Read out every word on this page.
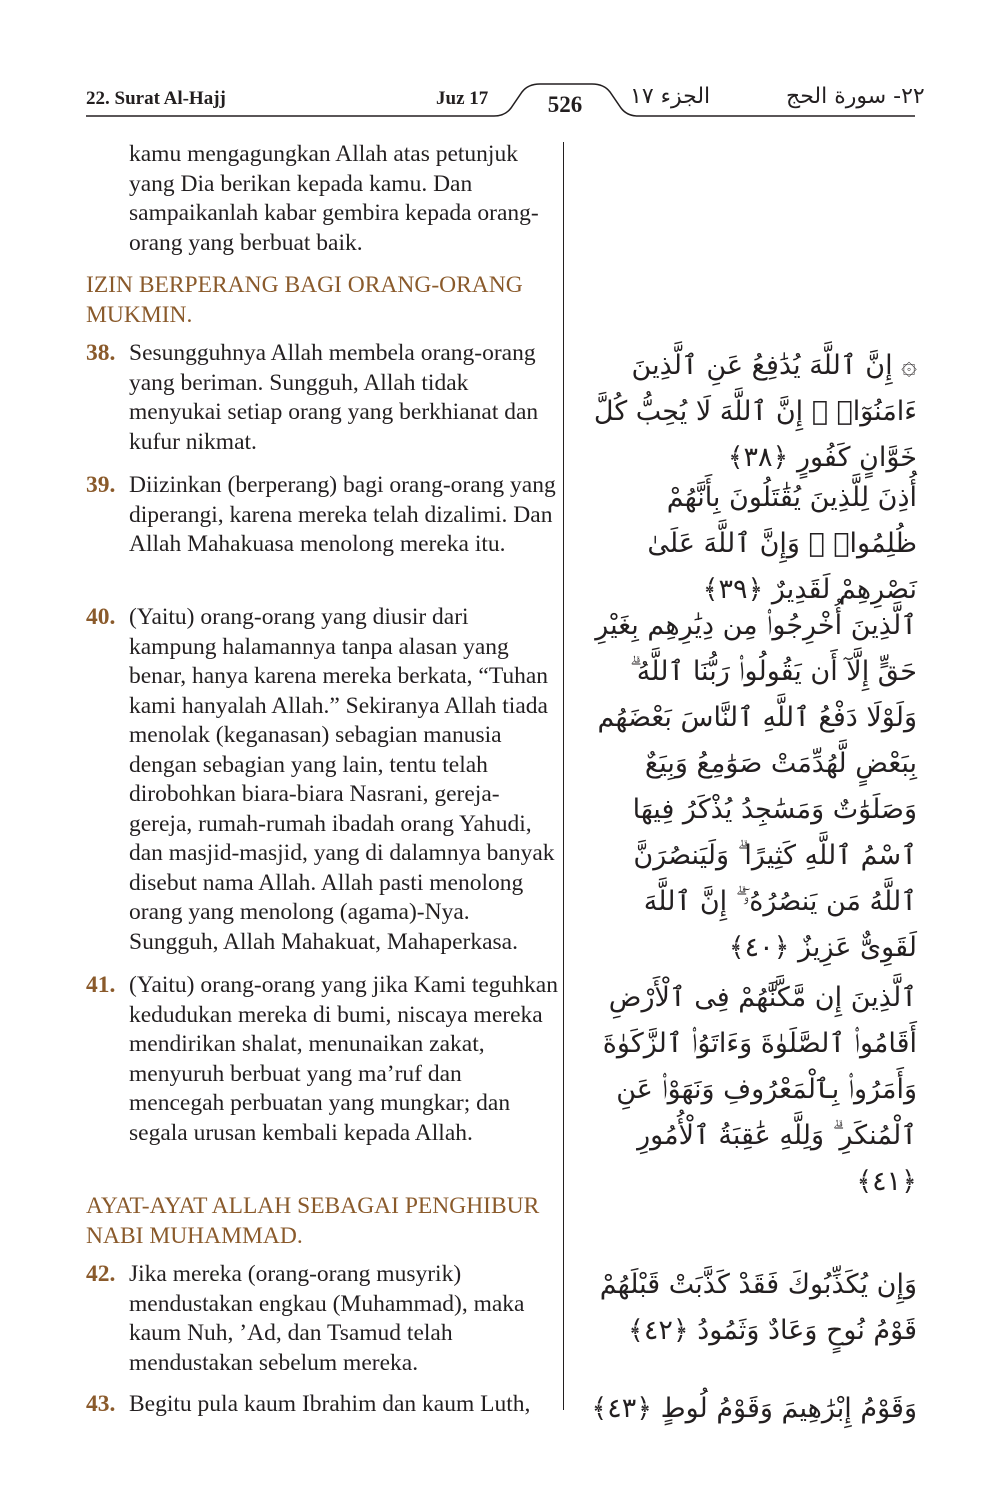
22. Surat Al-Hajj	Juz 17	526	الجزء ١٧	٢٢- سورة الحج
kamu mengagungkan Allah atas petunjuk yang Dia berikan kepada kamu. Dan sampaikanlah kabar gembira kepada orang-orang yang berbuat baik.
IZIN BERPERANG BAGI ORANG-ORANG MUKMIN.
38. Sesungguhnya Allah membela orang-orang yang beriman. Sungguh, Allah tidak menyukai setiap orang yang berkhianat dan kufur nikmat.
۞ إِنَّ ٱللَّهَ يُدَٰفِعُ عَنِ ٱلَّذِينَ ءَامَنُوٓا۟ ۗ إِنَّ ٱللَّهَ لَا يُحِبُّ كُلَّ خَوَّانٍ كَفُورٍ ﴿٣٨﴾
39. Diizinkan (berperang) bagi orang-orang yang diperangi, karena mereka telah dizalimi. Dan Allah Mahakuasa menolong mereka itu.
أُذِنَ لِلَّذِينَ يُقَٰتَلُونَ بِأَنَّهُمْ ظُلِمُوا۟ ۚ وَإِنَّ ٱللَّهَ عَلَىٰ نَصْرِهِمْ لَقَدِيرٌ ﴿٣٩﴾
40. (Yaitu) orang-orang yang diusir dari kampung halamannya tanpa alasan yang benar, hanya karena mereka berkata, “Tuhan kami hanyalah Allah.” Sekiranya Allah tiada menolak (keganasan) sebagian manusia dengan sebagian yang lain, tentu telah dirobohkan biara-biara Nasrani, gereja-gereja, rumah-rumah ibadah orang Yahudi, dan masjid-masjid, yang di dalamnya banyak disebut nama Allah. Allah pasti menolong orang yang menolong (agama)-Nya. Sungguh, Allah Mahakuat, Mahaperkasa.
ٱلَّذِينَ أُخْرِجُوا۟ مِن دِيَٰرِهِم بِغَيْرِ حَقٍّ إِلَّآ أَن يَقُولُوا۟ رَبُّنَا ٱللَّهُ ۗ وَلَوْلَا دَفْعُ ٱللَّهِ ٱلنَّاسَ بَعْضَهُم بِبَعْضٍ لَّهُدِّمَتْ صَوَٰمِعُ وَبِيَعٌ وَصَلَوَٰتٌ وَمَسَٰجِدُ يُذْكَرُ فِيهَا ٱسْمُ ٱللَّهِ كَثِيرًا ۗ وَلَيَنصُرَنَّ ٱللَّهُ مَن يَنصُرُهُۥٓ ۗ إِنَّ ٱللَّهَ لَقَوِىٌّ عَزِيزٌ ﴿٤٠﴾
41. (Yaitu) orang-orang yang jika Kami teguhkan kedudukan mereka di bumi, niscaya mereka mendirikan shalat, menunaikan zakat, menyuruh berbuat yang ma’ruf dan mencegah perbuatan yang mungkar; dan segala urusan kembali kepada Allah.
ٱلَّذِينَ إِن مَّكَّنَّٰهُمْ فِى ٱلْأَرْضِ أَقَامُوا۟ ٱلصَّلَوٰةَ وَءَاتَوُا۟ ٱلزَّكَوٰةَ وَأَمَرُوا۟ بِٱلْمَعْرُوفِ وَنَهَوْا۟ عَنِ ٱلْمُنكَرِ ۗ وَلِلَّهِ عَٰقِبَةُ ٱلْأُمُورِ ﴿٤١﴾
AYAT-AYAT ALLAH SEBAGAI PENGHIBUR NABI MUHAMMAD.
42. Jika mereka (orang-orang musyrik) mendustakan engkau (Muhammad), maka kaum Nuh, ’Ad, dan Tsamud telah mendustakan sebelum mereka.
وَإِن يُكَذِّبُوكَ فَقَدْ كَذَّبَتْ قَبْلَهُمْ قَوْمُ نُوحٍ وَعَادٌ وَثَمُودُ ﴿٤٢﴾
43. Begitu pula kaum Ibrahim dan kaum Luth,	وَقَوْمُ إِبْرَٰهِيمَ وَقَوْمُ لُوطٍ ﴿٤٣﴾
